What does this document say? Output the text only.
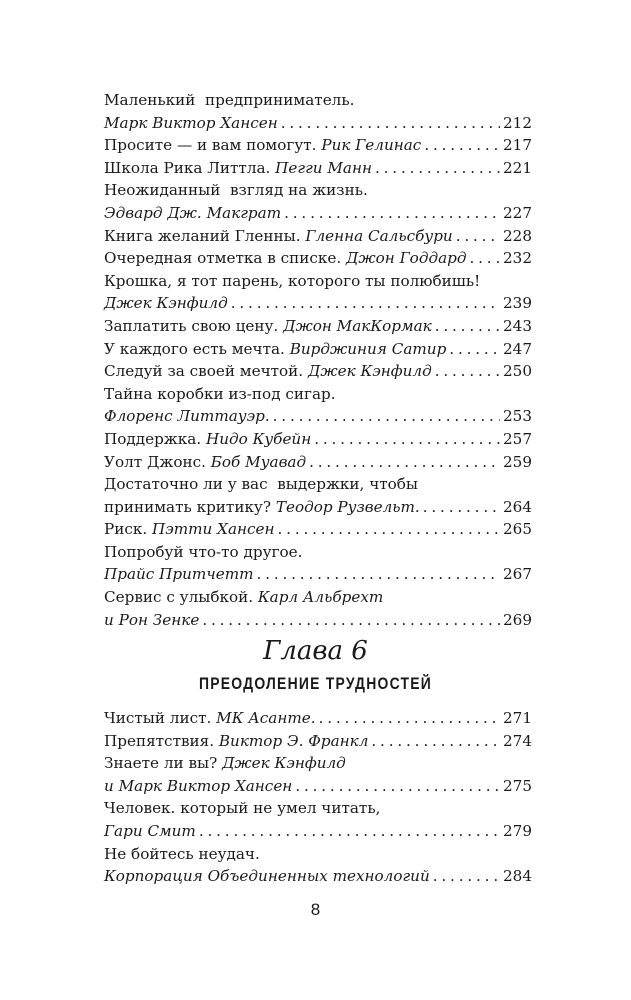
Маленький  предприниматель.
Марк Виктор Хансен . . .	212
Просите — и вам помогут. Рик Гелинас . . .	217
Школа Рика Литтла. Пегги Манн . . .	221
Неожиданный  взгляд на жизнь.
Эдвард Дж. Макграт . . .	227
Книга желаний Гленны. Гленна Сальсбури . . .	228
Очередная отметка в списке. Джон Годдард . . . 232
Крошка, я тот парень, которого ты полюбишь!
Джек Кэнфилд . . .	239
Заплатить свою цену. Джон МакКормак . . .	243
У каждого есть мечта. Вирджиния Сатир . . .	247
Следуй за своей мечтой. Джек Кэнфилд . . .	250
Тайна коробки из-под сигар.
Флоренс Литтауэр. . . .	253
Поддержка. Нидо Кубейн . . .	257
Уолт Джонс. Боб Муавад . . .	259
Достаточно ли у вас  выдержки, чтобы
принимать критику? Теодор Рузвельт. . . .	264
Риск. Пэтти Хансен . . .	265
Попробуй что-то другое.
Прайс Притчетт . . .	267
Сервис с улыбкой. Карл Альбрехт
и Рон Зенке . . .	269
Глава 6
ПРЕОДОЛЕНИЕ ТРУДНОСТЕЙ
Чистый лист. МК Асанте. . . .	271
Препятствия. Виктор Э. Франкл . . .	274
Знаете ли вы? Джек Кэнфилд
и Марк Виктор Хансен . . .	275
Человек. который не умел читать,
Гари Смит . . .	279
Не бойтесь неудач.
Корпорация Объединенных технологий . . .	284
8
